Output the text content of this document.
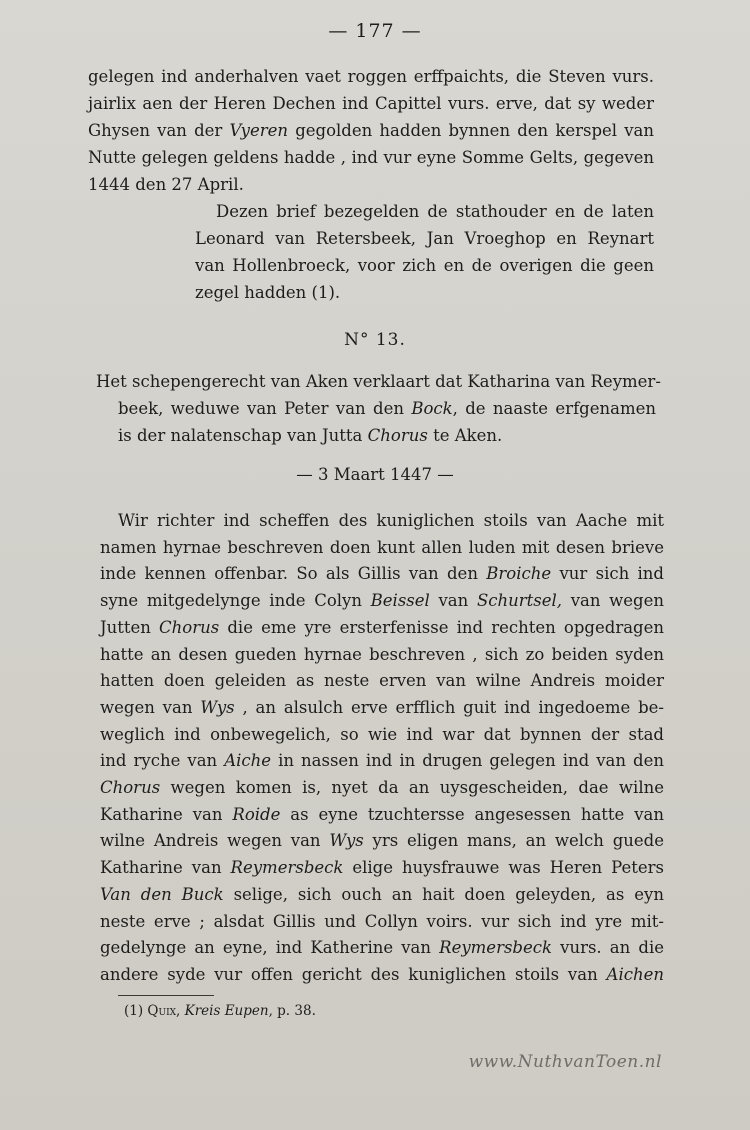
— 177 —
gelegen ind anderhalven vaet roggen erffpaichts, die Steven vurs.
jairlix aen der Heren Dechen ind Capittel vurs. erve, dat sy weder
Ghysen van der Vyeren gegolden hadden bynnen den kerspel van
Nutte gelegen geldens hadde , ind vur eyne Somme Gelts, gegeven
1444 den 27 April.
Dezen brief bezegelden de stathouder en de laten
Leonard van Retersbeek, Jan Vroeghop en Reynart
van Hollenbroeck, voor zich en de overigen die geen
zegel hadden (1).
N° 13.
Het schepengerecht van Aken verklaart dat Katharina van Reymer-
beek, weduwe van Peter van den Bock, de naaste erfgenamen
is der nalatenschap van Jutta Chorus te Aken.
— 3 Maart 1447 —
Wir richter ind scheffen des kuniglichen stoils van Aache mit
namen hyrnae beschreven doen kunt allen luden mit desen brieve
inde kennen offenbar. So als Gillis van den Broiche vur sich ind
syne mitgedelynge inde Colyn Beissel van Schurtsel, van wegen
Jutten Chorus die eme yre ersterfenisse ind rechten opgedragen
hatte an desen gueden hyrnae beschreven , sich zo beiden syden
hatten doen geleiden as neste erven van wilne Andreis moider
wegen van Wys , an alsulch erve erfflich guit ind ingedoeme be-
weglich ind onbewegelich, so wie ind war dat bynnen der stad
ind ryche van Aiche in nassen ind in drugen gelegen ind van den
Chorus wegen komen is, nyet da an uysgescheiden, dae wilne
Katharine van Roide as eyne tzuchtersse angesessen hatte van
wilne Andreis wegen van Wys yrs eligen mans, an welch guede
Katharine van Reymersbeck elige huysfrauwe was Heren Peters
Van den Buck selige, sich ouch an hait doen geleyden, as eyn
neste erve ; alsdat Gillis und Collyn voirs. vur sich ind yre mit-
gedelynge an eyne, ind Katherine van Reymersbeck vurs. an die
andere syde vur offen gericht des kuniglichen stoils van Aichen
(1) Quix, Kreis Eupen, p. 38.
www.NuthvanToen.nl
